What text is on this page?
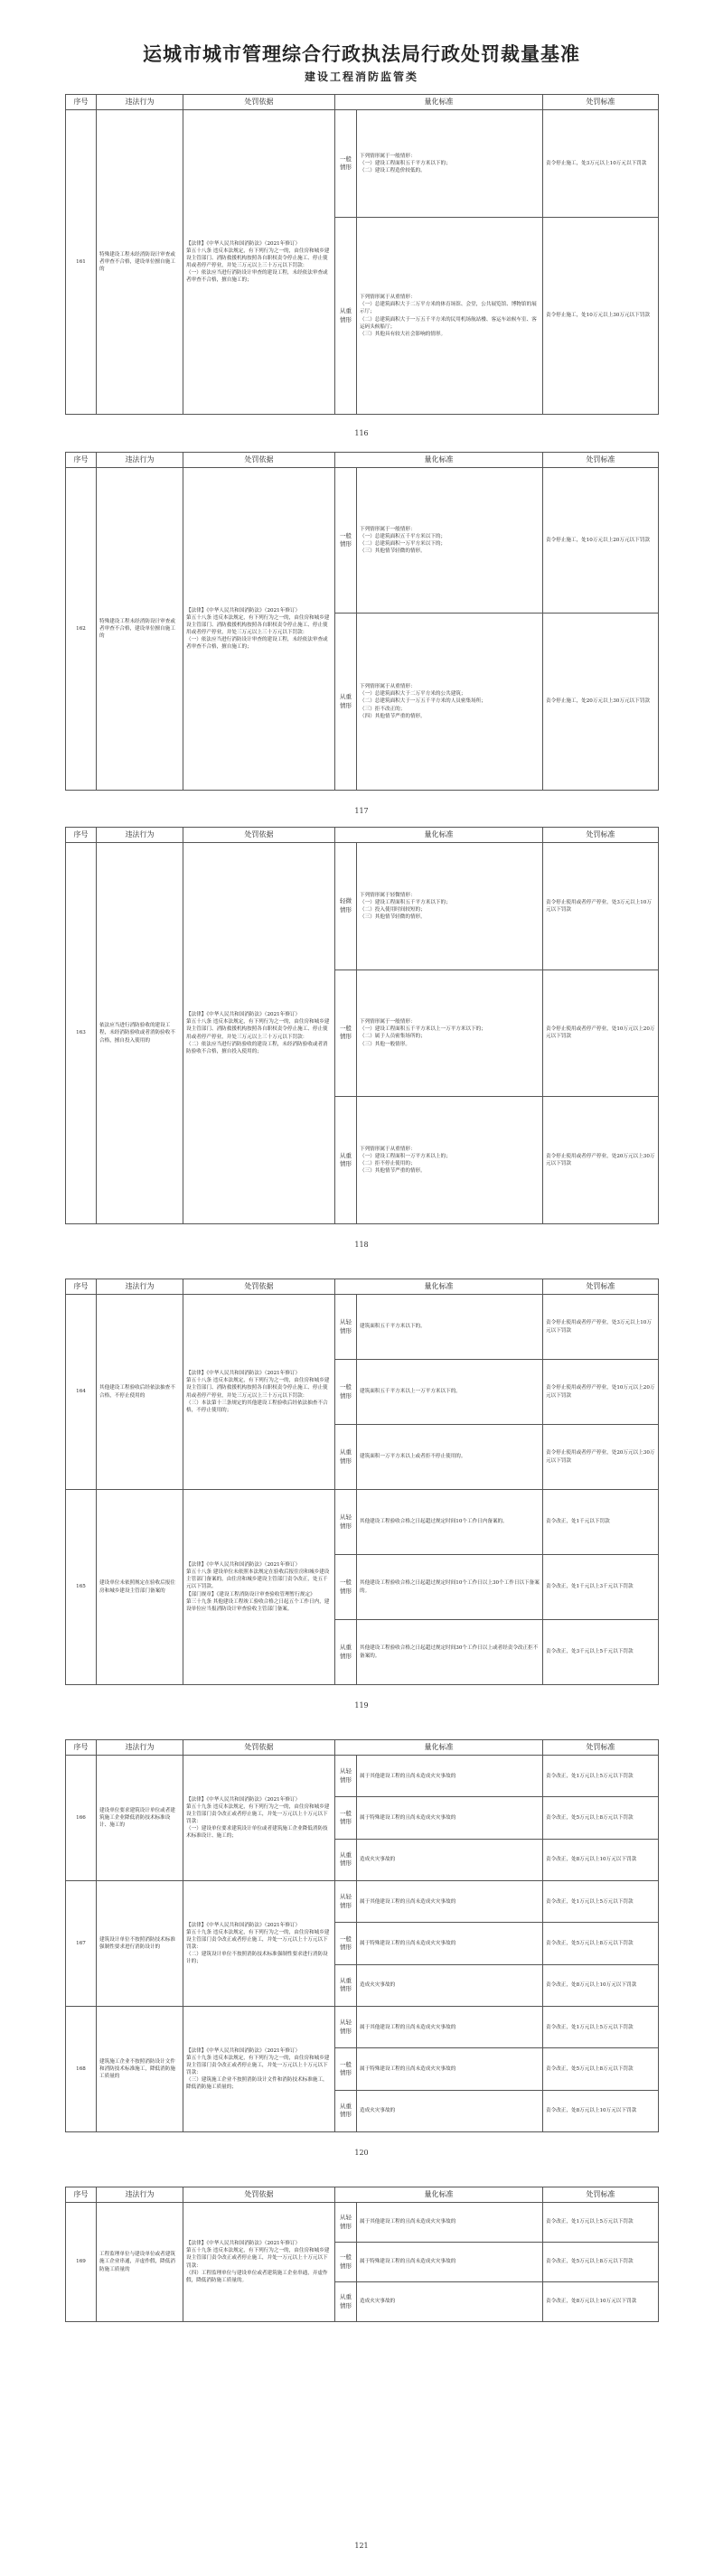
运城市城市管理综合行政执法局行政处罚裁量基准
建设工程消防监管类
序号	违法行为	处罚依据	量化标准		处罚标准
161	特殊建设工程未经消防设计审查或者审查不合格，建设单位擅自施工的	【法律】《中华人民共和国消防法》（2021年修订）
第五十八条 违反本法规定，有下列行为之一的，由住房和城乡建设主管部门、消防救援机构按照各自职权责令停止施工、停止使用或者停产停业，并处三万元以上三十万元以下罚款：
（一）依法应当进行消防设计审查的建设工程，未经依法审查或者审查不合格，擅自施工的；	一般情形	下列情形属于一般情形：
（一）建设工程面积五千平方米以下的；
（二）建设工程造价较低的。	责令停止施工，处3万元以上10万元以下罚款
			从重情形	下列情形属于从重情形：
（一）总建筑面积大于二万平方米的体育场馆、会堂，公共展览馆、博物馆的展示厅；
（二）总建筑面积大于一万五千平方米的民用机场航站楼、客运车站候车室、客运码头候船厅；
（三）其他具有较大社会影响的情形。	责令停止施工，处10万元以上30万元以下罚款
116
序号	违法行为	处罚依据	量化标准		处罚标准
162	特殊建设工程未经消防设计审查或者审查不合格，建设单位擅自施工的	【法律】《中华人民共和国消防法》（2021年修订）
第五十八条 违反本法规定，有下列行为之一的，由住房和城乡建设主管部门、消防救援机构按照各自职权责令停止施工、停止使用或者停产停业，并处三万元以上三十万元以下罚款：
（一）依法应当进行消防设计审查的建设工程，未经依法审查或者审查不合格，擅自施工的；	一般情形	下列情形属于一般情形：
（一）总建筑面积五千平方米以下的；
（二）总建筑面积一万平方米以下的；
（三）其他情节轻微的情形。	责令停止施工，处10万元以上20万元以下罚款
			从重情形	下列情形属于从重情形：
（一）总建筑面积大于二万平方米的公共建筑；
（二）总建筑面积大于一万五千平方米的人员密集场所；
（三）拒不改正的；
（四）其他情节严重的情形。	责令停止施工，处20万元以上30万元以下罚款
117
序号	违法行为	处罚依据	量化标准		处罚标准
163	依法应当进行消防验收的建设工程，未经消防验收或者消防验收不合格，擅自投入使用的	【法律】《中华人民共和国消防法》（2021年修订）
第五十八条 违反本法规定，有下列行为之一的，由住房和城乡建设主管部门、消防救援机构按照各自职权责令停止施工、停止使用或者停产停业，并处三万元以上三十万元以下罚款：
（二）依法应当进行消防验收的建设工程，未经消防验收或者消防验收不合格，擅自投入使用的；	轻微情形	下列情形属于轻微情形：
（一）建设工程面积五千平方米以下的；
（二）投入使用时间较短的；
（三）其他情节轻微的情形。	责令停止使用或者停产停业，处3万元以上10万元以下罚款
			一般情形	下列情形属于一般情形：
（一）建设工程面积五千平方米以上一万平方米以下的；
（二）属于人员密集场所的；
（三）其他一般情形。	责令停止使用或者停产停业，处10万元以上20万元以下罚款
			从重情形	下列情形属于从重情形：
（一）建设工程面积一万平方米以上的；
（二）拒不停止使用的；
（三）其他情节严重的情形。	责令停止使用或者停产停业，处20万元以上30万元以下罚款
118
序号	违法行为	处罚依据	量化标准		处罚标准
164	其他建设工程验收后经依法抽查不合格，不停止使用的	【法律】《中华人民共和国消防法》（2021年修订）
第五十八条 违反本法规定，有下列行为之一的，由住房和城乡建设主管部门、消防救援机构按照各自职权责令停止施工、停止使用或者停产停业，并处三万元以上三十万元以下罚款：
（三）本法第十三条规定的其他建设工程验收后经依法抽查不合格，不停止使用的；	从轻情形	建筑面积五千平方米以下的。	责令停止使用或者停产停业，处3万元以上10万元以下罚款
			一般情形	建筑面积五千平方米以上一万平方米以下的。	责令停止使用或者停产停业，处10万元以上20万元以下罚款
			从重情形	建筑面积一万平方米以上或者拒不停止使用的。	责令停止使用或者停产停业，处20万元以上30万元以下罚款
165	建设单位未依照规定在验收后报住房和城乡建设主管部门备案的	【法律】《中华人民共和国消防法》（2021年修订）
第五十八条 建设单位未依照本法规定在验收后报住房和城乡建设主管部门备案的，由住房和城乡建设主管部门责令改正，处五千元以下罚款。
【部门规章】《建设工程消防设计审查验收管理暂行规定》
第三十九条 其他建设工程竣工验收合格之日起五个工作日内，建设单位应当报消防设计审查验收主管部门备案。	从轻情形	其他建设工程验收合格之日起超过规定时间10个工作日内备案的。	责令改正，处1千元以下罚款
			一般情形	其他建设工程验收合格之日起超过规定时间10个工作日以上30个工作日以下备案的。	责令改正，处1千元以上3千元以下罚款
			从重情形	其他建设工程验收合格之日起超过规定时间30个工作日以上或者经责令改正拒不备案的。	责令改正，处3千元以上5千元以下罚款
119
序号	违法行为	处罚依据	量化标准		处罚标准
166	建设单位要求建筑设计单位或者建筑施工企业降低消防技术标准设计、施工的	【法律】《中华人民共和国消防法》（2021年修订）
第五十九条 违反本法规定，有下列行为之一的，由住房和城乡建设主管部门责令改正或者停止施工，并处一万元以上十万元以下罚款：
（一）建设单位要求建筑设计单位或者建筑施工企业降低消防技术标准设计、施工的；	从轻情形	属于其他建设工程的且尚未造成火灾事故的	责令改正，处1万元以上5万元以下罚款
			一般情形	属于特殊建设工程的且尚未造成火灾事故的	责令改正，处5万元以上8万元以下罚款
			从重情形	造成火灾事故的	责令改正，处8万元以上10万元以下罚款
167	建筑设计单位不按照消防技术标准强制性要求进行消防设计的	【法律】《中华人民共和国消防法》（2021年修订）
第五十九条 违反本法规定，有下列行为之一的，由住房和城乡建设主管部门责令改正或者停止施工，并处一万元以上十万元以下罚款：
（二）建筑设计单位不按照消防技术标准强制性要求进行消防设计的；	从轻情形	属于其他建设工程的且尚未造成火灾事故的	责令改正，处1万元以上5万元以下罚款
			一般情形	属于特殊建设工程的且尚未造成火灾事故的	责令改正，处5万元以上8万元以下罚款
			从重情形	造成火灾事故的	责令改正，处8万元以上10万元以下罚款
168	建筑施工企业不按照消防设计文件和消防技术标准施工，降低消防施工质量的	【法律】《中华人民共和国消防法》（2021年修订）
第五十九条 违反本法规定，有下列行为之一的，由住房和城乡建设主管部门责令改正或者停止施工，并处一万元以上十万元以下罚款：
（三）建筑施工企业不按照消防设计文件和消防技术标准施工，降低消防施工质量的；	从轻情形	属于其他建设工程的且尚未造成火灾事故的	责令改正，处1万元以上5万元以下罚款
			一般情形	属于特殊建设工程的且尚未造成火灾事故的	责令改正，处5万元以上8万元以下罚款
			从重情形	造成火灾事故的	责令改正，处8万元以上10万元以下罚款
120
序号	违法行为	处罚依据	量化标准		处罚标准
169	工程监理单位与建设单位或者建筑施工企业串通，弄虚作假，降低消防施工质量的	【法律】《中华人民共和国消防法》（2021年修订）
第五十九条 违反本法规定，有下列行为之一的，由住房和城乡建设主管部门责令改正或者停止施工，并处一万元以上十万元以下罚款：
（四）工程监理单位与建设单位或者建筑施工企业串通，弄虚作假，降低消防施工质量的。	从轻情形	属于其他建设工程的且尚未造成火灾事故的	责令改正，处1万元以上5万元以下罚款
			一般情形	属于特殊建设工程的且尚未造成火灾事故的	责令改正，处5万元以上8万元以下罚款
			从重情形	造成火灾事故的	责令改正，处8万元以上10万元以下罚款
121
